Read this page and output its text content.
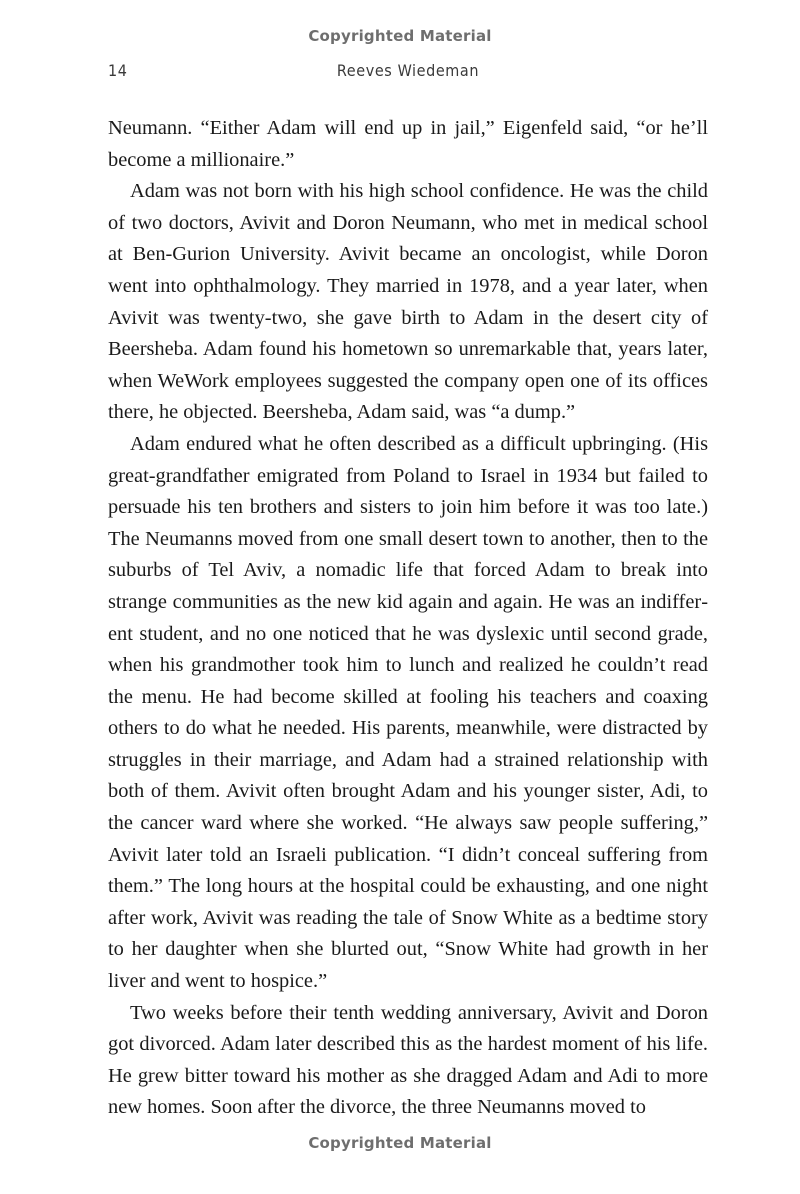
Copyrighted Material
14	Reeves Wiedeman

Neumann. “Either Adam will end up in jail,” Eigenfeld said, “or he’ll become a millionaire.”

Adam was not born with his high school confidence. He was the child of two doctors, Avivit and Doron Neumann, who met in medical school at Ben-Gurion University. Avivit became an oncologist, while Doron went into ophthalmology. They married in 1978, and a year later, when Avivit was twenty-two, she gave birth to Adam in the desert city of Beersheba. Adam found his hometown so unremarkable that, years later, when WeWork employees suggested the company open one of its offices there, he objected. Beersheba, Adam said, was “a dump.”

Adam endured what he often described as a difficult upbringing. (His great-grandfather emigrated from Poland to Israel in 1934 but failed to persuade his ten brothers and sisters to join him before it was too late.) The Neumanns moved from one small desert town to another, then to the suburbs of Tel Aviv, a nomadic life that forced Adam to break into strange communities as the new kid again and again. He was an indifferent student, and no one noticed that he was dyslexic until second grade, when his grandmother took him to lunch and realized he couldn’t read the menu. He had become skilled at fooling his teachers and coaxing others to do what he needed. His parents, meanwhile, were distracted by struggles in their marriage, and Adam had a strained relationship with both of them. Avivit often brought Adam and his younger sister, Adi, to the cancer ward where she worked. “He always saw people suffering,” Avivit later told an Israeli publication. “I didn’t conceal suffering from them.” The long hours at the hospital could be exhausting, and one night after work, Avivit was reading the tale of Snow White as a bedtime story to her daughter when she blurted out, “Snow White had growth in her liver and went to hospice.”

Two weeks before their tenth wedding anniversary, Avivit and Doron got divorced. Adam later described this as the hardest moment of his life. He grew bitter toward his mother as she dragged Adam and Adi to more new homes. Soon after the divorce, the three Neumanns moved to

Copyrighted Material
